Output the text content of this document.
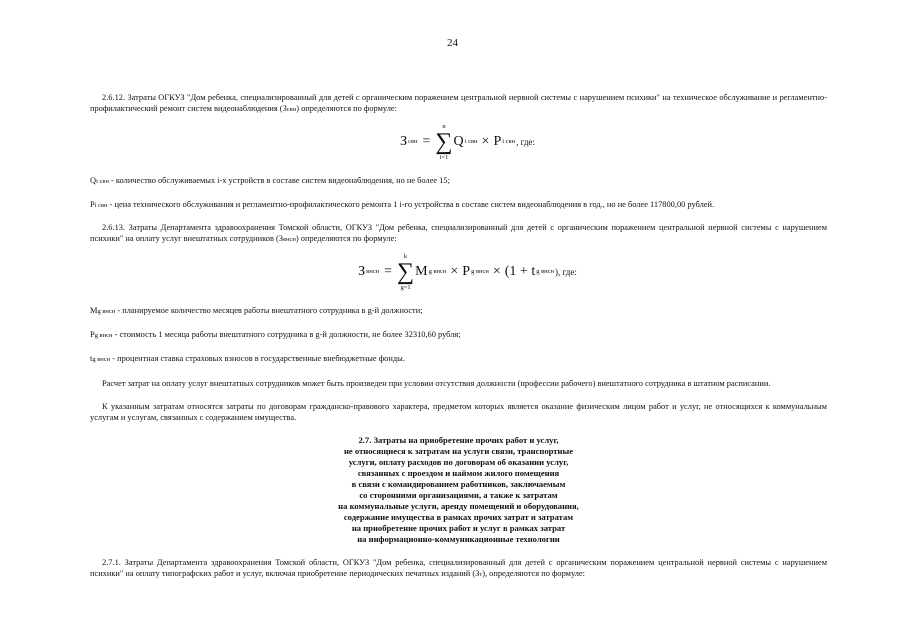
24

2.6.12. Затраты ОГКУЗ "Дом ребенка, специализированный для детей с органическим поражением центральной нервной системы с нарушением психики" на техническое обслуживание и регламентно-профилактический ремонт систем видеонаблюдения (Зсвн) определяются по формуле:

З свн =
n
∑
i=1
Q i свн × P i свн , где:

Qi свн - количество обслуживаемых i-х устройств в составе систем видеонаблюдения, но не более 15;

Pi свн - цена технического обслуживания и регламентно-профилактического ремонта 1 i-го устройства в составе систем видеонаблюдения в год., но не более 117800,00 рублей.

2.6.13. Затраты Департамента здравоохранения Томской области, ОГКУЗ "Дом ребенка, специализированный для детей с органическим поражением центральной нервной системы с нарушением психики" на оплату услуг внештатных сотрудников (Звнсн) определяются по формуле:

З внсн =
k
∑
g=1
M g внсн × P g внсн × (1 + t g внсн ), где:

Mg внсн - планируемое количество месяцев работы внештатного сотрудника в g-й должности;

Pg внсн - стоимость 1 месяца работы внештатного сотрудника в g-й должности, не более 32310,60 рубля;

tg внсн - процентная ставка страховых взносов в государственные внебюджетные фонды.

Расчет затрат на оплату услуг внештатных сотрудников может быть произведен при условии отсутствия должности (профессии рабочего) внештатного сотрудника в штатном расписании.

К указанным затратам относятся затраты по договорам гражданско-правового характера, предметом которых является оказание физическим лицом работ и услуг, не относящихся к коммунальным услугам и услугам, связанных с содержанием имущества.

2.7. Затраты на приобретение прочих работ и услуг,
не относящиеся к затратам на услуги связи, транспортные
услуги, оплату расходов по договорам об оказании услуг,
связанных с проездом и наймом жилого помещения
в связи с командированием работников, заключаемым
со сторонними организациями, а также к затратам
на коммунальные услуги, аренду помещений и оборудования,
содержание имущества в рамках прочих затрат и затратам
на приобретение прочих работ и услуг в рамках затрат
на информационно-коммуникационные технологии

2.7.1. Затраты Департамента здравоохранения Томской области, ОГКУЗ "Дом ребенка, специализированный для детей с органическим поражением центральной нервной системы с нарушением психики" на оплату типографских работ и услуг, включая приобретение периодических печатных изданий (Зт), определяются по формуле:
